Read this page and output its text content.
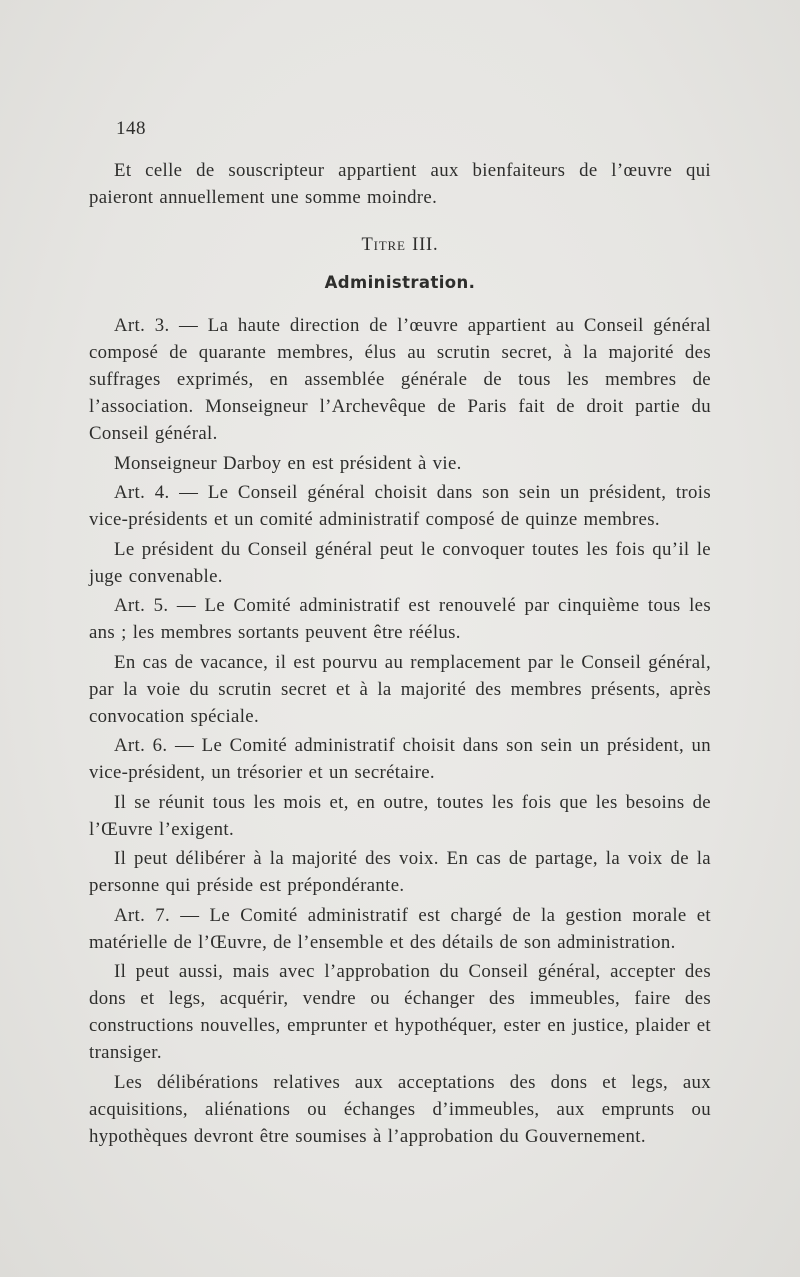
148

Et celle de souscripteur appartient aux bienfaiteurs de l’œuvre qui paieront annuellement une somme moindre.

Titre III.
Administration.

Art. 3. — La haute direction de l’œuvre appartient au Conseil général composé de quarante membres, élus au scrutin secret, à la majorité des suffrages exprimés, en assemblée générale de tous les membres de l’association. Monseigneur l’Archevêque de Paris fait de droit partie du Conseil général.

Monseigneur Darboy en est président à vie.

Art. 4. — Le Conseil général choisit dans son sein un président, trois vice-présidents et un comité administratif composé de quinze membres.

Le président du Conseil général peut le convoquer toutes les fois qu’il le juge convenable.

Art. 5. — Le Comité administratif est renouvelé par cinquième tous les ans ; les membres sortants peuvent être réélus.

En cas de vacance, il est pourvu au remplacement par le Conseil général, par la voie du scrutin secret et à la majorité des membres présents, après convocation spéciale.

Art. 6. — Le Comité administratif choisit dans son sein un président, un vice-président, un trésorier et un secrétaire.

Il se réunit tous les mois et, en outre, toutes les fois que les besoins de l’Œuvre l’exigent.

Il peut délibérer à la majorité des voix. En cas de partage, la voix de la personne qui préside est prépondérante.

Art. 7. — Le Comité administratif est chargé de la gestion morale et matérielle de l’Œuvre, de l’ensemble et des détails de son administration.

Il peut aussi, mais avec l’approbation du Conseil général, accepter des dons et legs, acquérir, vendre ou échanger des immeubles, faire des constructions nouvelles, emprunter et hypothéquer, ester en justice, plaider et transiger.

Les délibérations relatives aux acceptations des dons et legs, aux acquisitions, aliénations ou échanges d’immeubles, aux emprunts ou hypothèques devront être soumises à l’approbation du Gouvernement.
